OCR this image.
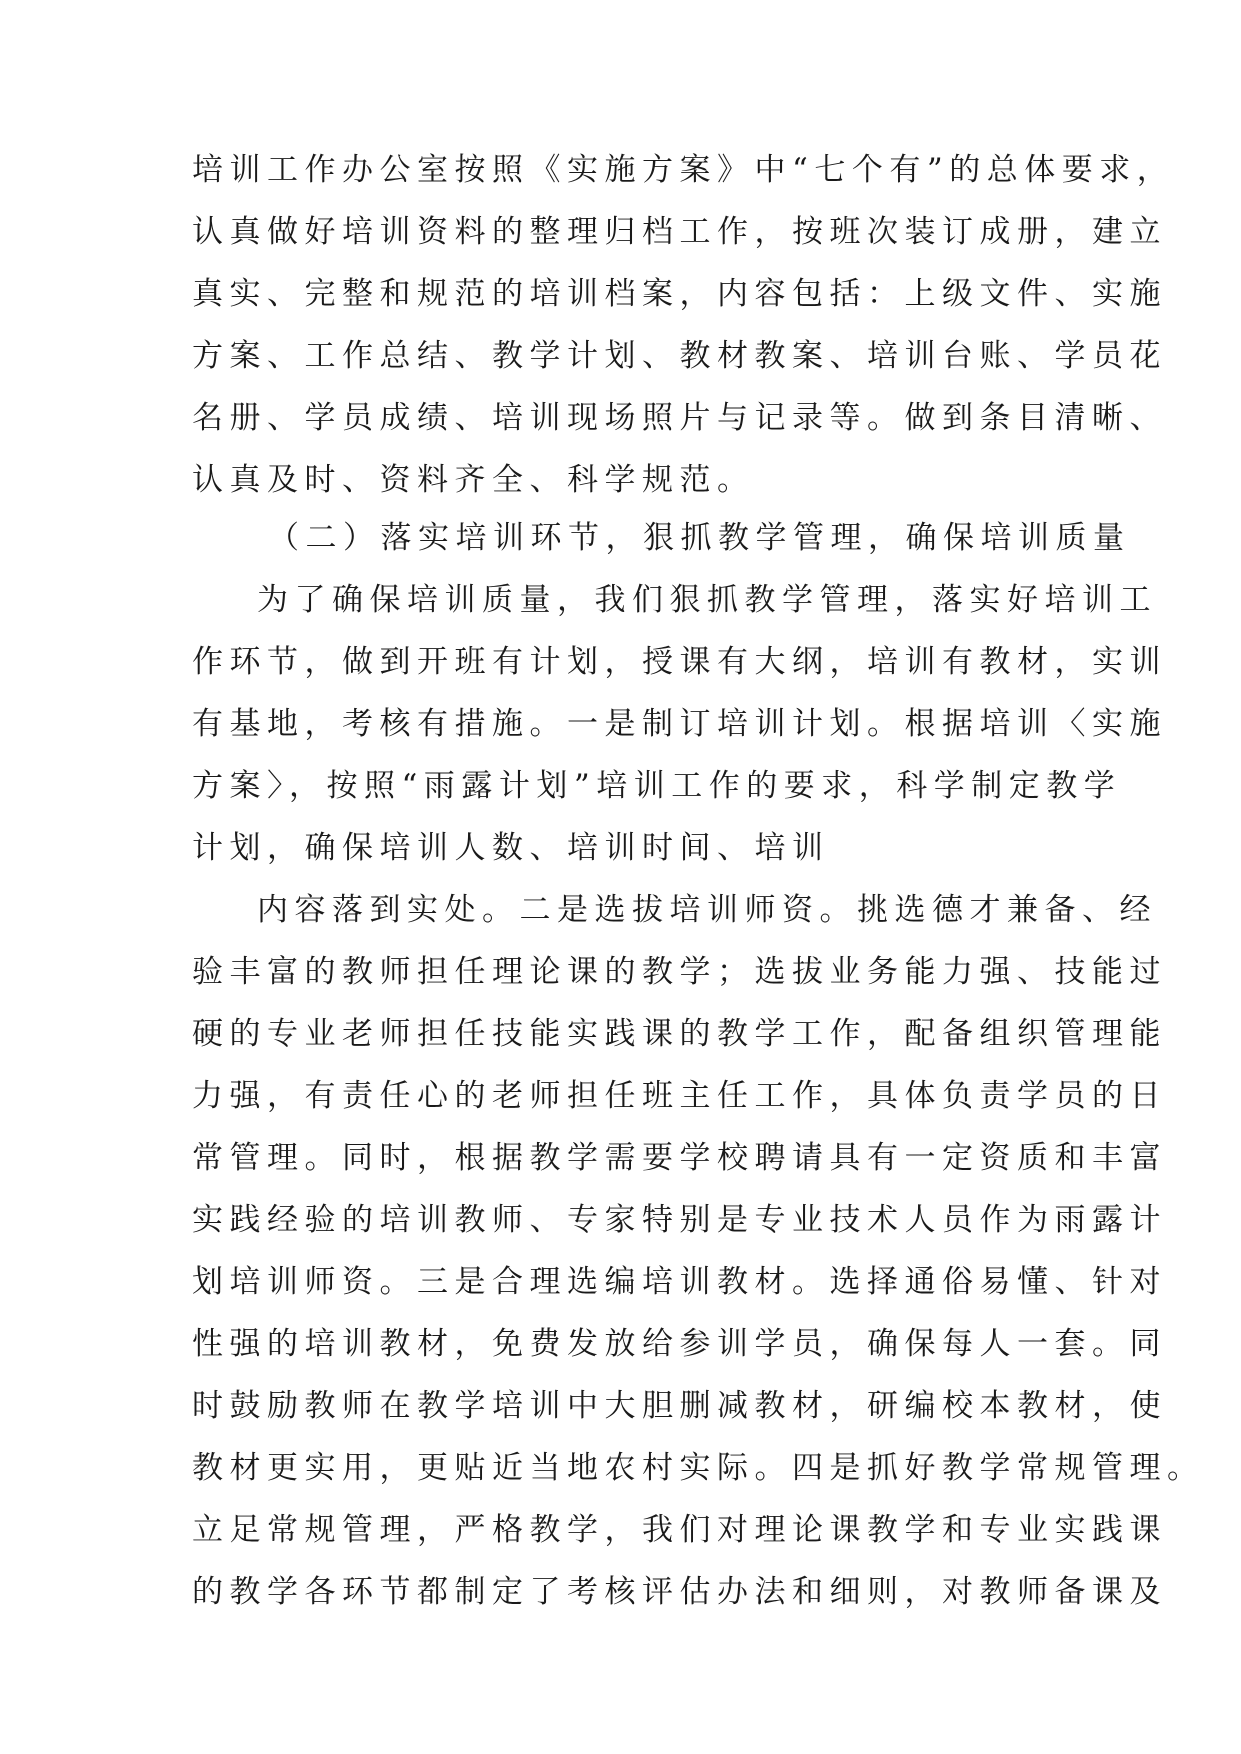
培训工作办公室按照《实施方案》中“七个有”的总体要求，
认真做好培训资料的整理归档工作，按班次装订成册，建立
真实、完整和规范的培训档案，内容包括：上级文件、实施
方案、工作总结、教学计划、教材教案、培训台账、学员花
名册、学员成绩、培训现场照片与记录等。做到条目清晰、
认真及时、资料齐全、科学规范。
（二）落实培训环节，狠抓教学管理，确保培训质量
为了确保培训质量，我们狠抓教学管理，落实好培训工
作环节，做到开班有计划，授课有大纲，培训有教材，实训
有基地，考核有措施。一是制订培训计划。根据培训〈实施
方案〉，按照“雨露计划”培训工作的要求，科学制定教学
计划，确保培训人数、培训时间、培训
内容落到实处。二是选拔培训师资。挑选德才兼备、经
验丰富的教师担任理论课的教学；选拔业务能力强、技能过
硬的专业老师担任技能实践课的教学工作，配备组织管理能
力强，有责任心的老师担任班主任工作，具体负责学员的日
常管理。同时，根据教学需要学校聘请具有一定资质和丰富
实践经验的培训教师、专家特别是专业技术人员作为雨露计
划培训师资。三是合理选编培训教材。选择通俗易懂、针对
性强的培训教材，免费发放给参训学员，确保每人一套。同
时鼓励教师在教学培训中大胆删减教材，研编校本教材，使
教材更实用，更贴近当地农村实际。四是抓好教学常规管理。
立足常规管理，严格教学，我们对理论课教学和专业实践课
的教学各环节都制定了考核评估办法和细则，对教师备课及
